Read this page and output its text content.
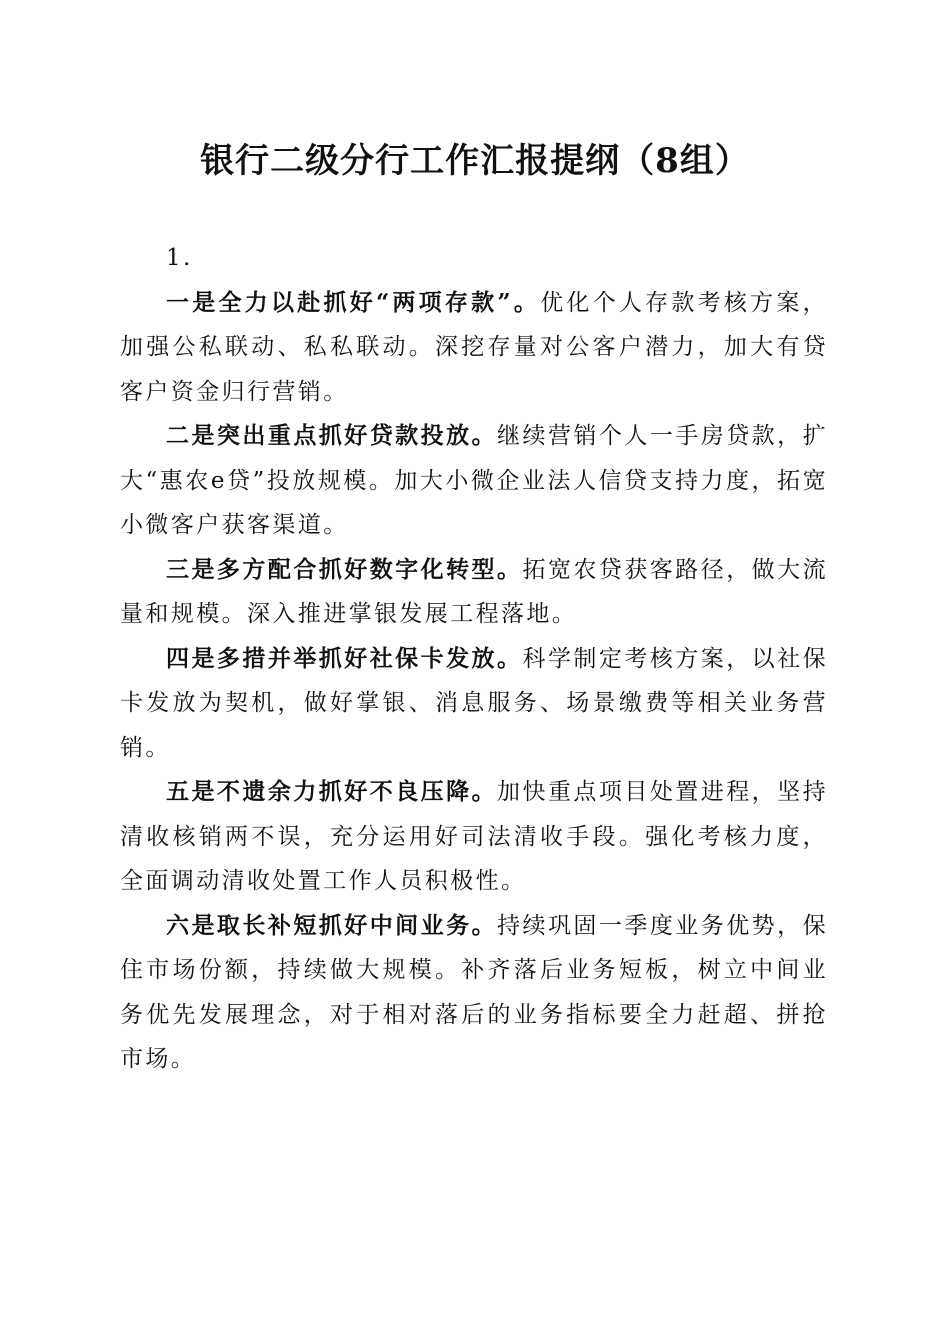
银行二级分行工作汇报提纲（8组）

1.

一是全力以赴抓好“两项存款”。优化个人存款考核方案，加强公私联动、私私联动。深挖存量对公客户潜力，加大有贷客户资金归行营销。

二是突出重点抓好贷款投放。继续营销个人一手房贷款，扩大“惠农e贷”投放规模。加大小微企业法人信贷支持力度，拓宽小微客户获客渠道。

三是多方配合抓好数字化转型。拓宽农贷获客路径，做大流量和规模。深入推进掌银发展工程落地。

四是多措并举抓好社保卡发放。科学制定考核方案，以社保卡发放为契机，做好掌银、消息服务、场景缴费等相关业务营销。

五是不遗余力抓好不良压降。加快重点项目处置进程，坚持清收核销两不误，充分运用好司法清收手段。强化考核力度，全面调动清收处置工作人员积极性。

六是取长补短抓好中间业务。持续巩固一季度业务优势，保住市场份额，持续做大规模。补齐落后业务短板，树立中间业务优先发展理念，对于相对落后的业务指标要全力赶超、拼抢市场。
